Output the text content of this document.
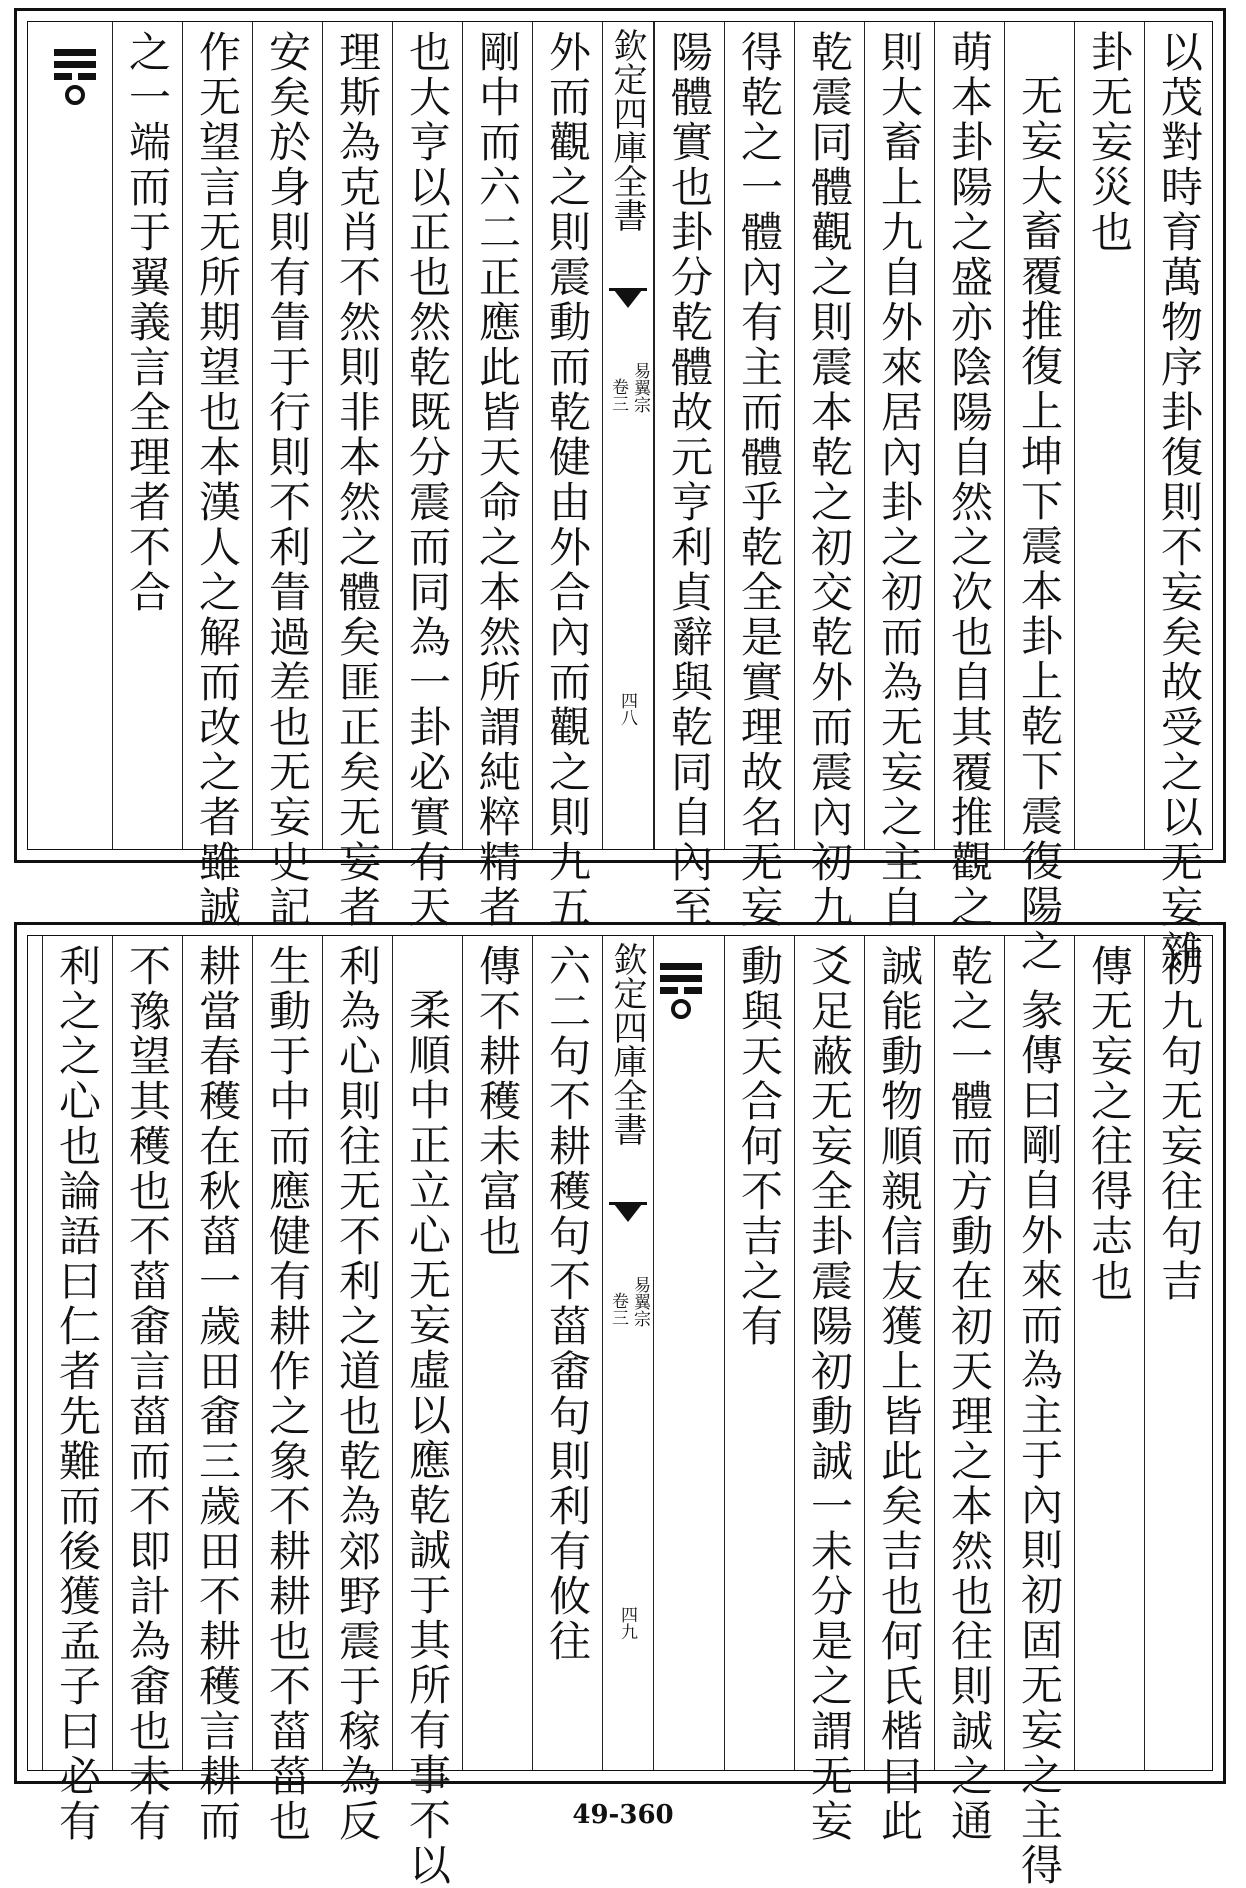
以茂對時育萬物序卦復則不妄矣故受之以无妄雜
卦无妄災也
无妄大畜覆推復上坤下震本卦上乾下震復陽之
萌本卦陽之盛亦陰陽自然之次也自其覆推觀之
則大畜上九自外來居內卦之初而為无妄之主自
乾震同體觀之則震本乾之初交乾外而震內初九
得乾之一體內有主而體乎乾全是實理故名无妄
陽體實也卦分乾體故元亨利貞辭與乾同自內至
欽定四庫全書
易翼宗
卷三
四八
外而觀之則震動而乾健由外合內而觀之則九五
剛中而六二正應此皆天命之本然所謂純粹精者
也大亨以正也然乾既分震而同為一卦必實有天
理斯為克肖不然則非本然之體矣匪正矣无妄者
安矣於身則有眚于行則不利眚過差也无妄史記
作无望言无所期望也本漢人之解而改之者雖誠
之一端而于翼義言全理者不合
初九句无妄往句吉
傳无妄之往得志也
彖傳曰剛自外來而為主于內則初固无妄之主得
乾之一體而方動在初天理之本然也往則誠之通
誠能動物順親信友獲上皆此矣吉也何氏楷曰此
爻足蔽无妄全卦震陽初動誠一未分是之謂无妄
動與天合何不吉之有
欽定四庫全書
易翼宗
卷三
四九
六二句不耕穫句不菑畬句則利有攸往
傳不耕穫未富也
柔順中正立心无妄虛以應乾誠于其所有事不以
利為心則往无不利之道也乾為郊野震于稼為反
生動于中而應健有耕作之象不耕耕也不菑菑也
耕當春穫在秋菑一歲田畬三歲田不耕穫言耕而
不豫望其穫也不菑畬言菑而不即計為畬也未有
利之之心也論語曰仁者先難而後獲孟子曰必有	49-360
